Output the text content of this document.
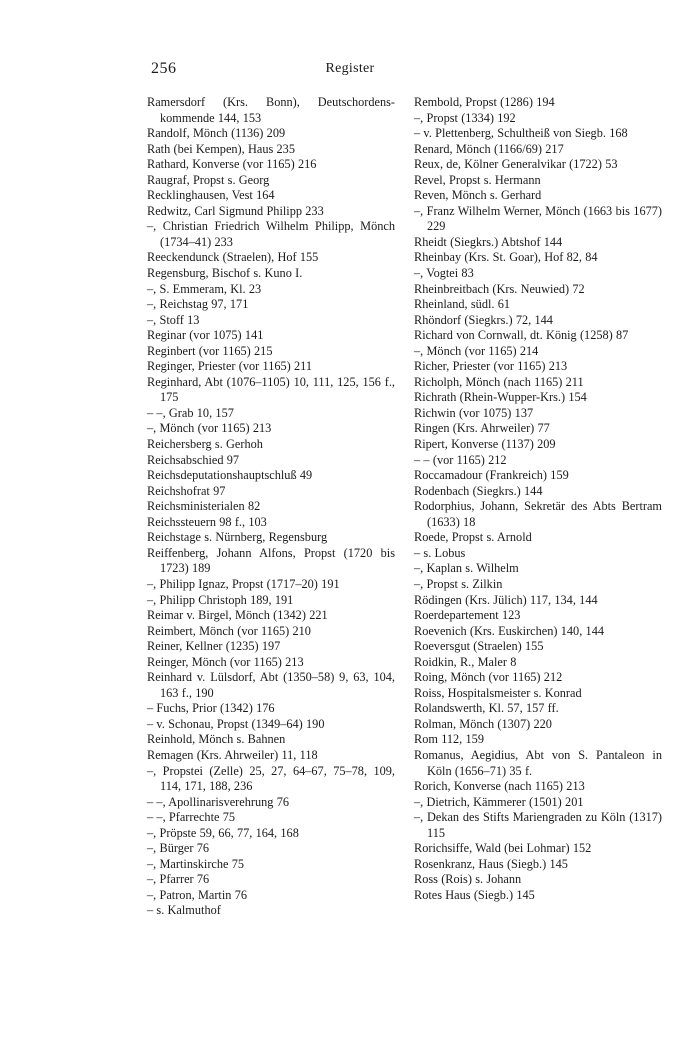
256	Register
Ramersdorf (Krs. Bonn), Deutschordenskommende 144, 153
Randolf, Mönch (1136) 209
Rath (bei Kempen), Haus 235
Rathard, Konverse (vor 1165) 216
Raugraf, Propst s. Georg
Recklinghausen, Vest 164
Redwitz, Carl Sigmund Philipp 233
–, Christian Friedrich Wilhelm Philipp, Mönch (1734–41) 233
Reeckendunck (Straelen), Hof 155
Regensburg, Bischof s. Kuno I.
–, S. Emmeram, Kl. 23
–, Reichstag 97, 171
–, Stoff 13
Reginar (vor 1075) 141
Reginbert (vor 1165) 215
Reginger, Priester (vor 1165) 211
Reginhard, Abt (1076–1105) 10, 111, 125, 156 f., 175
– –, Grab 10, 157
–, Mönch (vor 1165) 213
Reichersberg s. Gerhoh
Reichsabschied 97
Reichsdeputationshauptschluß 49
Reichshofrat 97
Reichsministerialen 82
Reichssteuern 98 f., 103
Reichstage s. Nürnberg, Regensburg
Reiffenberg, Johann Alfons, Propst (1720 bis 1723) 189
–, Philipp Ignaz, Propst (1717–20) 191
–, Philipp Christoph 189, 191
Reimar v. Birgel, Mönch (1342) 221
Reimbert, Mönch (vor 1165) 210
Reiner, Kellner (1235) 197
Reinger, Mönch (vor 1165) 213
Reinhard v. Lülsdorf, Abt (1350–58) 9, 63, 104, 163 f., 190
– Fuchs, Prior (1342) 176
– v. Schonau, Propst (1349–64) 190
Reinhold, Mönch s. Bahnen
Remagen (Krs. Ahrweiler) 11, 118
–, Propstei (Zelle) 25, 27, 64–67, 75–78, 109, 114, 171, 188, 236
– –, Apollinarisverehrung 76
– –, Pfarrechte 75
–, Pröpste 59, 66, 77, 164, 168
–, Bürger 76
–, Martinskirche 75
–, Pfarrer 76
–, Patron, Martin 76
– s. Kalmuthof
Rembold, Propst (1286) 194
–, Propst (1334) 192
– v. Plettenberg, Schultheiß von Siegb. 168
Renard, Mönch (1166/69) 217
Reux, de, Kölner Generalvikar (1722) 53
Revel, Propst s. Hermann
Reven, Mönch s. Gerhard
–, Franz Wilhelm Werner, Mönch (1663 bis 1677) 229
Rheidt (Siegkrs.) Abtshof 144
Rheinbay (Krs. St. Goar), Hof 82, 84
–, Vogtei 83
Rheinbreitbach (Krs. Neuwied) 72
Rheinland, südl. 61
Rhöndorf (Siegkrs.) 72, 144
Richard von Cornwall, dt. König (1258) 87
–, Mönch (vor 1165) 214
Richer, Priester (vor 1165) 213
Richolph, Mönch (nach 1165) 211
Richrath (Rhein-Wupper-Krs.) 154
Richwin (vor 1075) 137
Ringen (Krs. Ahrweiler) 77
Ripert, Konverse (1137) 209
– – (vor 1165) 212
Roccamadour (Frankreich) 159
Rodenbach (Siegkrs.) 144
Rodorphius, Johann, Sekretär des Abts Bertram (1633) 18
Roede, Propst s. Arnold
– s. Lobus
–, Kaplan s. Wilhelm
–, Propst s. Zilkin
Rödingen (Krs. Jülich) 117, 134, 144
Roerdepartement 123
Roevenich (Krs. Euskirchen) 140, 144
Roeversgut (Straelen) 155
Roidkin, R., Maler 8
Roing, Mönch (vor 1165) 212
Roiss, Hospitalsmeister s. Konrad
Rolandswerth, Kl. 57, 157 ff.
Rolman, Mönch (1307) 220
Rom 112, 159
Romanus, Aegidius, Abt von S. Pantaleon in Köln (1656–71) 35 f.
Rorich, Konverse (nach 1165) 213
–, Dietrich, Kämmerer (1501) 201
–, Dekan des Stifts Mariengraden zu Köln (1317) 115
Rorichsiffe, Wald (bei Lohmar) 152
Rosenkranz, Haus (Siegb.) 145
Ross (Rois) s. Johann
Rotes Haus (Siegb.) 145
